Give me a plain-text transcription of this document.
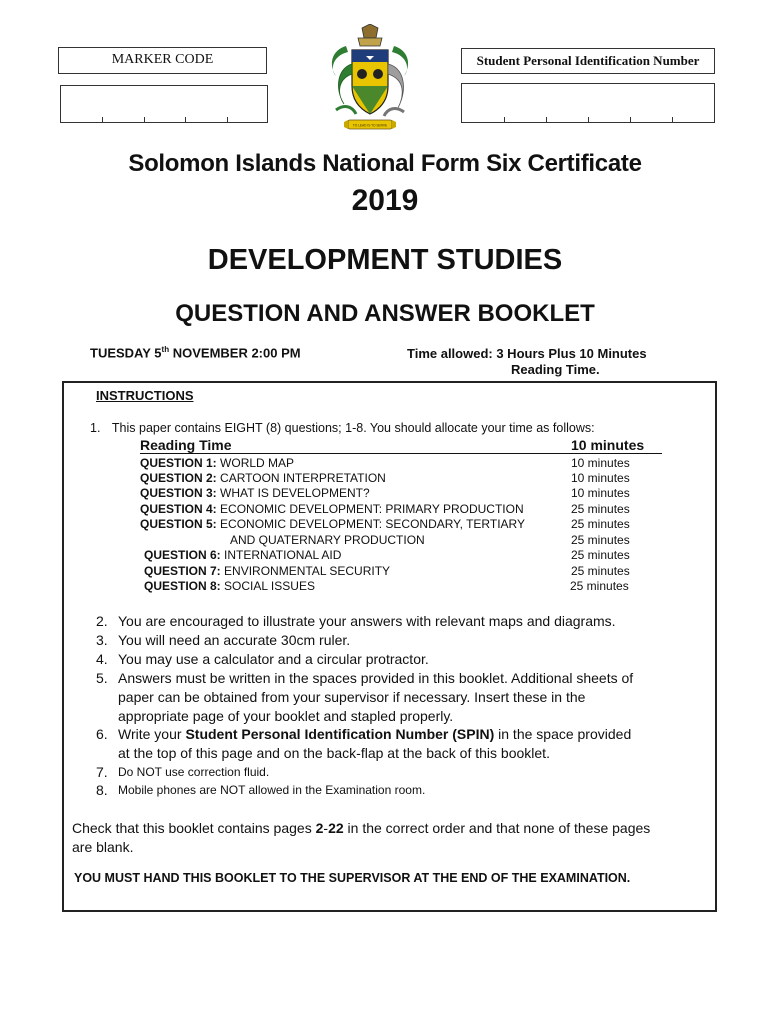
MARKER CODE	Student Personal Identification Number
TO LEAD IS TO SERVE
Solomon Islands National Form Six Certificate
2019
DEVELOPMENT STUDIES
QUESTION AND ANSWER BOOKLET
TUESDAY 5th NOVEMBER 2:00 PM	Time allowed: 3 Hours Plus 10 Minutes
Reading Time.
INSTRUCTIONS
1. This paper contains EIGHT (8) questions; 1-8. You should allocate your time as follows:
Reading Time	10 minutes
QUESTION 1: WORLD MAP	10 minutes
QUESTION 2: CARTOON INTERPRETATION	10 minutes
QUESTION 3: WHAT IS DEVELOPMENT?	10 minutes
QUESTION 4: ECONOMIC DEVELOPMENT: PRIMARY PRODUCTION	25 minutes
QUESTION 5: ECONOMIC DEVELOPMENT: SECONDARY, TERTIARY	25 minutes
AND QUATERNARY PRODUCTION	25 minutes
QUESTION 6: INTERNATIONAL AID	25 minutes
QUESTION 7: ENVIRONMENTAL SECURITY	25 minutes
QUESTION 8: SOCIAL ISSUES	25 minutes
2. You are encouraged to illustrate your answers with relevant maps and diagrams.
3. You will need an accurate 30cm ruler.
4. You may use a calculator and a circular protractor.
5. Answers must be written in the spaces provided in this booklet. Additional sheets of
paper can be obtained from your supervisor if necessary. Insert these in the
appropriate page of your booklet and stapled properly.
6. Write your Student Personal Identification Number (SPIN) in the space provided
at the top of this page and on the back-flap at the back of this booklet.
7. Do NOT use correction fluid.
8. Mobile phones are NOT allowed in the Examination room.
Check that this booklet contains pages 2-22 in the correct order and that none of these pages
are blank.
YOU MUST HAND THIS BOOKLET TO THE SUPERVISOR AT THE END OF THE EXAMINATION.
